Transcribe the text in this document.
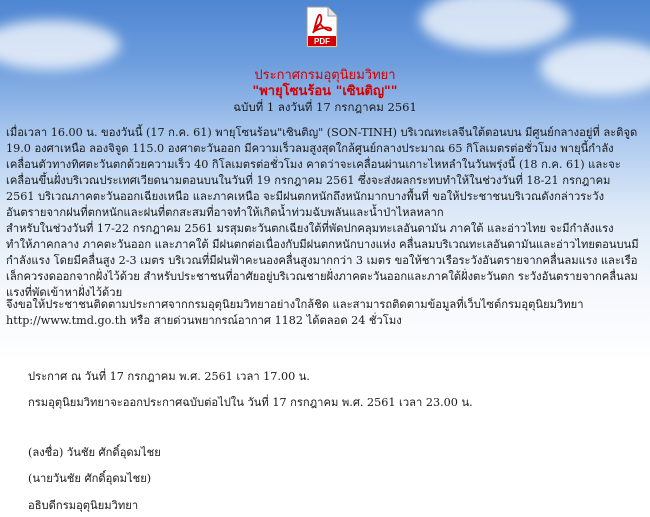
PDF
ประกาศกรมอุตุนิยมวิทยา
"พายุโซนร้อน "เซินติญ""
ฉบับที่ 1 ลงวันที่ 17 กรกฎาคม 2561

เมื่อเวลา 16.00 น. ของวันนี้ (17 ก.ค. 61) พายุโซนร้อน"เซินติญ" (SON-TINH) บริเวณทะเลจีนใต้ตอนบน มีศูนย์กลางอยู่ที่ ละติจูด 19.0 องศาเหนือ ลองจิจูด 115.0 องศาตะวันออก มีความเร็วลมสูงสุดใกล้ศูนย์กลางประมาณ 65 กิโลเมตรต่อชั่วโมง พายุนี้กำลังเคลื่อนตัวทางทิศตะวันตกด้วยความเร็ว 40 กิโลเมตรต่อชั่วโมง คาดว่าจะเคลื่อนผ่านเกาะไหหลำในวันพรุ่งนี้ (18 ก.ค. 61) และจะเคลื่อนขึ้นฝั่งบริเวณประเทศเวียดนามตอนบนในวันที่ 19 กรกฎาคม 2561 ซึ่งจะส่งผลกระทบทำให้ในช่วงวันที่ 18-21 กรกฎาคม 2561 บริเวณภาคตะวันออกเฉียงเหนือ และภาคเหนือ จะมีฝนตกหนักถึงหนักมากบางพื้นที่ ขอให้ประชาชนบริเวณดังกล่าวระวังอันตรายจากฝนที่ตกหนักและฝนที่ตกสะสมที่อาจทำให้เกิดน้ำท่วมฉับพลันและน้ำป่าไหลหลาก

สำหรับในช่วงวันที่ 17-22 กรกฎาคม 2561 มรสุมตะวันตกเฉียงใต้ที่พัดปกคลุมทะเลอันดามัน ภาคใต้ และอ่าวไทย จะมีกำลังแรง ทำให้ภาคกลาง ภาคตะวันออก และภาคใต้ มีฝนตกต่อเนื่องกับมีฝนตกหนักบางแห่ง คลื่นลมบริเวณทะเลอันดามันและอ่าวไทยตอนบนมีกำลังแรง โดยมีคลื่นสูง 2-3 เมตร บริเวณที่มีฝนฟ้าคะนองคลื่นสูงมากกว่า 3 เมตร ขอให้ชาวเรือระวังอันตรายจากคลื่นลมแรง และเรือเล็กควรงดออกจากฝั่งไว้ด้วย สำหรับประชาชนที่อาศัยอยู่บริเวณชายฝั่งภาคตะวันออกและภาคใต้ฝั่งตะวันตก ระวังอันตรายจากคลื่นลมแรงที่พัดเข้าหาฝั่งไว้ด้วย

จึงขอให้ประชาชนติดตามประกาศจากกรมอุตุนิยมวิทยาอย่างใกล้ชิด และสามารถติดตามข้อมูลที่เว็บไซต์กรมอุตุนิยมวิทยา http://www.tmd.go.th หรือ สายด่วนพยากรณ์อากาศ 1182 ได้ตลอด 24 ชั่วโมง

ประกาศ ณ วันที่ 17 กรกฎาคม พ.ศ. 2561 เวลา 17.00 น.

กรมอุตุนิยมวิทยาจะออกประกาศฉบับต่อไปใน วันที่ 17 กรกฎาคม พ.ศ. 2561 เวลา 23.00 น.

(ลงชื่อ) วันชัย ศักดิ์อุดมไชย

(นายวันชัย ศักดิ์อุดมไชย)

อธิบดีกรมอุตุนิยมวิทยา
